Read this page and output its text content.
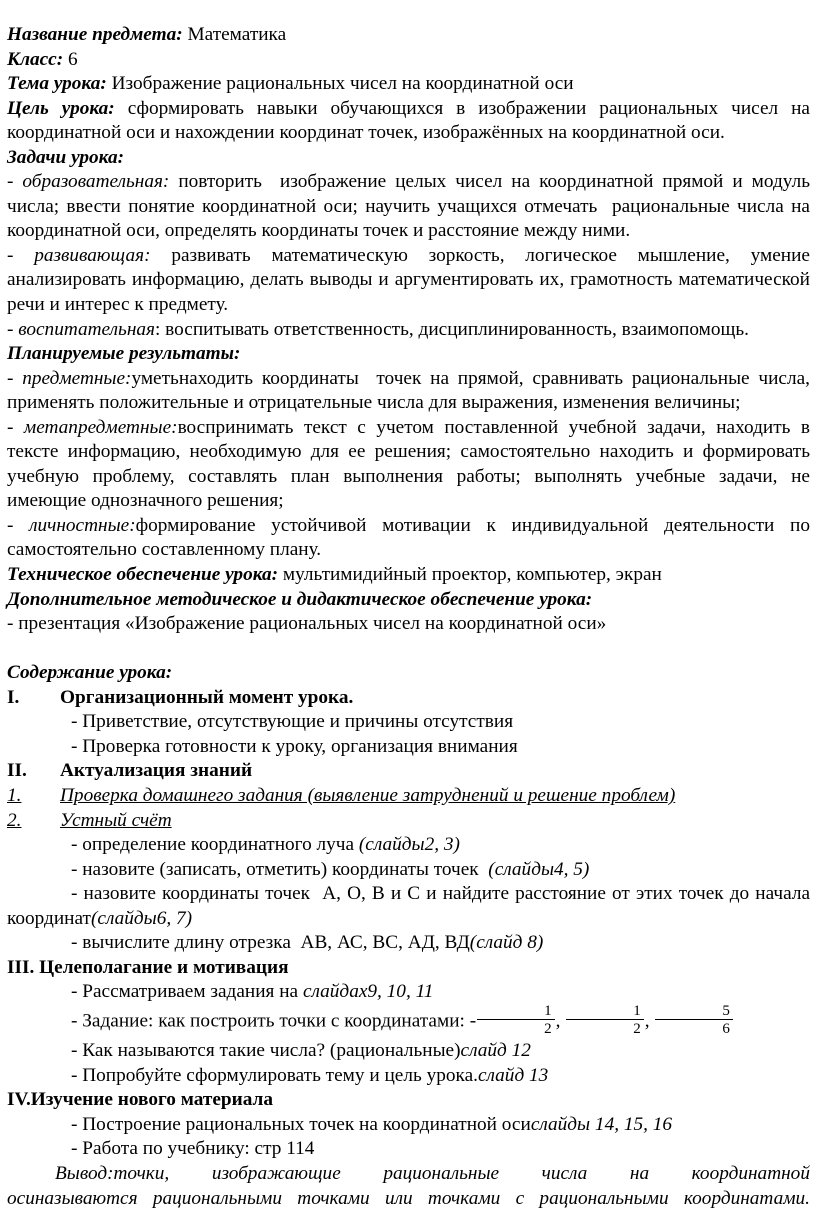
Название предмета: Математика
Класс: 6
Тема урока: Изображение рациональных чисел на координатной оси
Цель урока: сформировать навыки обучающихся в изображении рациональных чисел на координатной оси и нахождении координат точек, изображённых на координатной оси.
Задачи урока:
- образовательная: повторить  изображение целых чисел на координатной прямой и модуль числа; ввести понятие координатной оси; научить учащихся отмечать  рациональные числа на координатной оси, определять координаты точек и расстояние между ними.
- развивающая: развивать математическую зоркость, логическое мышление, умение анализировать информацию, делать выводы и аргументировать их, грамотность математической речи и интерес к предмету.
- воспитательная: воспитывать ответственность, дисциплинированность, взаимопомощь.
Планируемые результаты:
- предметные:уметьнаходить координаты  точек на прямой, сравнивать рациональные числа, применять положительные и отрицательные числа для выражения, изменения величины;
- метапредметные:воспринимать текст с учетом поставленной учебной задачи, находить в тексте информацию, необходимую для ее решения; самостоятельно находить и формировать учебную проблему, составлять план выполнения работы; выполнять учебные задачи, не имеющие однозначного решения;
- личностные:формирование устойчивой мотивации к индивидуальной деятельности по самостоятельно составленному плану.
Техническое обеспечение урока: мультимидийный проектор, компьютер, экран
Дополнительное методическое и дидактическое обеспечение урока:
- презентация «Изображение рациональных чисел на координатной оси»
Содержание урока:
I.	Организационный момент урока.
- Приветствие, отсутствующие и причины отсутствия
- Проверка готовности к уроку, организация внимания
II.	Актуализация знаний
1.	Проверка домашнего задания (выявление затруднений и решение проблем)
2.	Устный счёт
- определение координатного луча (слайды2, 3)
- назовите (записать, отметить) координаты точек  (слайды4, 5)
- назовите координаты точек  А, О, В и С и найдите расстояние от этих точек до начала координат(слайды6, 7)
- вычислите длину отрезка  АВ, АС, ВС, АД, ВД(слайд 8)
III. Целеполагание и мотивация
- Рассматриваем задания на слайдах9, 10, 11
- Задание: как построить точки с координатами: - $\frac{1}{2}$ , $\frac{1}{2}$ , $\frac{5}{6}$
- Как называются такие числа? (рациональные)слайд 12
- Попробуйте сформулировать тему и цель урока.слайд 13
IV.Изучение нового материала
- Построение рациональных точек на координатной осислайды 14, 15, 16
- Работа по учебнику: стр 114
Вывод:точки, изображающие рациональные числа на координатной
осиназываются рациональными точками или точками с рациональными координатами.
